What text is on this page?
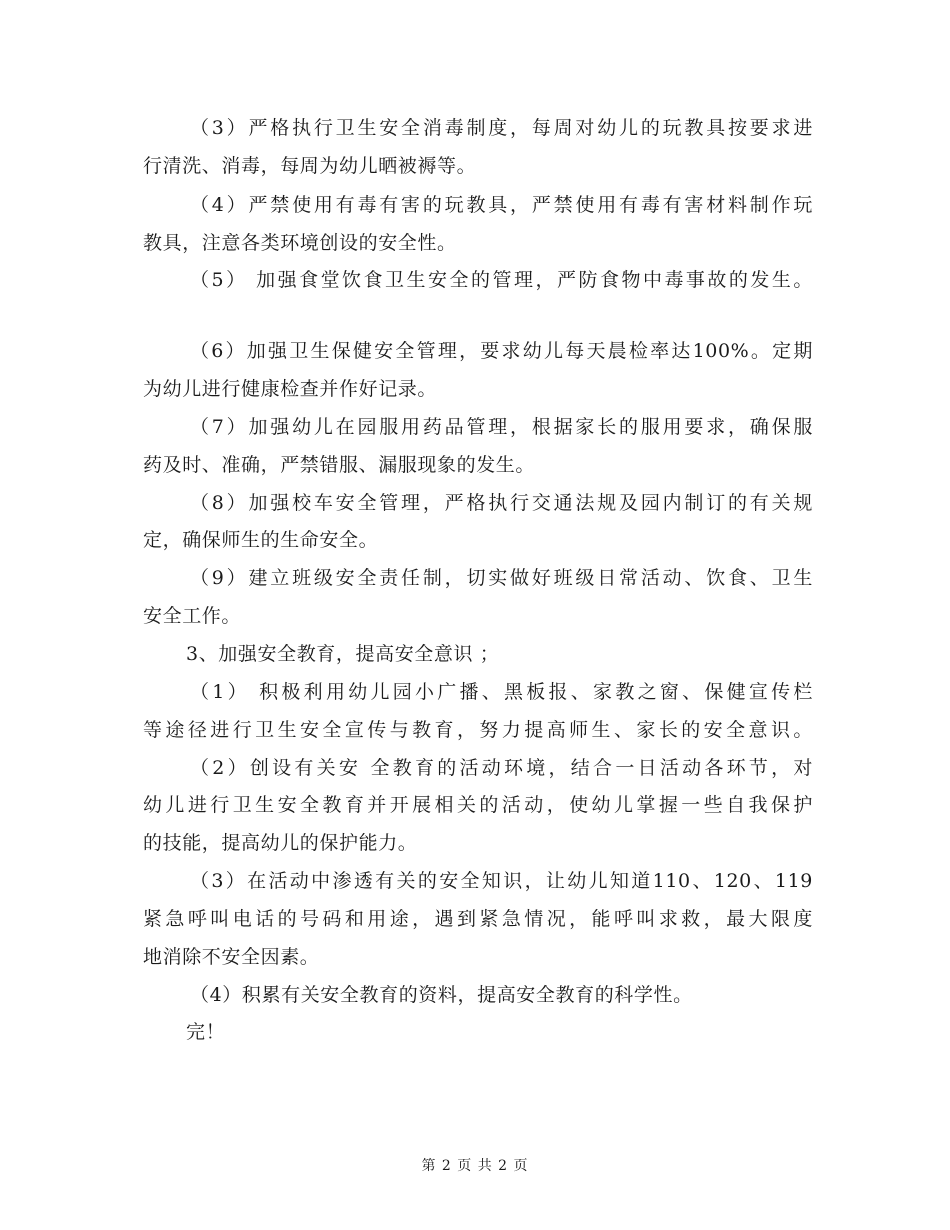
（3）严格执行卫生安全消毒制度，每周对幼儿的玩教具按要求进
行清洗、消毒，每周为幼儿晒被褥等。
（4）严禁使用有毒有害的玩教具，严禁使用有毒有害材料制作玩
教具，注意各类环境创设的安全性。
（5） 加强食堂饮食卫生安全的管理，严防食物中毒事故的发生。
（6）加强卫生保健安全管理，要求幼儿每天晨检率达100%。定期
为幼儿进行健康检查并作好记录。
（7）加强幼儿在园服用药品管理，根据家长的服用要求，确保服
药及时、准确，严禁错服、漏服现象的发生。
（8）加强校车安全管理，严格执行交通法规及园内制订的有关规
定，确保师生的生命安全。
（9）建立班级安全责任制，切实做好班级日常活动、饮食、卫生
安全工作。
3、加强安全教育，提高安全意识 ；
（1） 积极利用幼儿园小广播、黑板报、家教之窗、保健宣传栏
等途径进行卫生安全宣传与教育，努力提高师生、家长的安全意识。
（2）创设有关安 全教育的活动环境，结合一日活动各环节，对
幼儿进行卫生安全教育并开展相关的活动，使幼儿掌握一些自我保护
的技能，提高幼儿的保护能力。
（3）在活动中渗透有关的安全知识，让幼儿知道110、120、119
紧急呼叫电话的号码和用途，遇到紧急情况，能呼叫求救，最大限度
地消除不安全因素。
（4）积累有关安全教育的资料，提高安全教育的科学性。
完！
第 2 页 共 2 页
